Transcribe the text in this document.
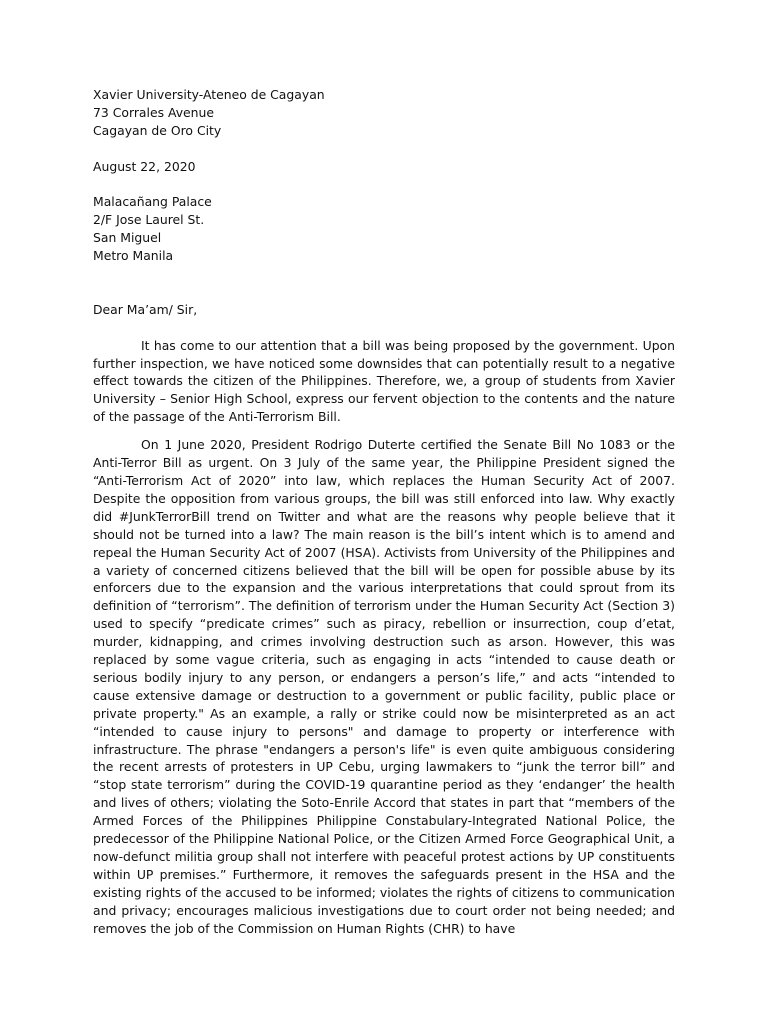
Xavier University-Ateneo de Cagayan
73 Corrales Avenue
Cagayan de Oro City
August 22, 2020
Malacañang Palace
2/F Jose Laurel St.
San Miguel
Metro Manila
Dear Ma’am/ Sir,

It has come to our attention that a bill was being proposed by the government. Upon further inspection, we have noticed some downsides that can potentially result to a negative effect towards the citizen of the Philippines. Therefore, we, a group of students from Xavier University – Senior High School, express our fervent objection to the contents and the nature of the passage of the Anti-Terrorism Bill.

On 1 June 2020, President Rodrigo Duterte certified the Senate Bill No 1083 or the Anti-Terror Bill as urgent. On 3 July of the same year, the Philippine President signed the “Anti-Terrorism Act of 2020” into law, which replaces the Human Security Act of 2007. Despite the opposition from various groups, the bill was still enforced into law. Why exactly did #JunkTerrorBill trend on Twitter and what are the reasons why people believe that it should not be turned into a law? The main reason is the bill’s intent which is to amend and repeal the Human Security Act of 2007 (HSA). Activists from University of the Philippines and a variety of concerned citizens believed that the bill will be open for possible abuse by its enforcers due to the expansion and the various interpretations that could sprout from its definition of “terrorism”. The definition of terrorism under the Human Security Act (Section 3) used to specify “predicate crimes” such as piracy, rebellion or insurrection, coup d’etat, murder, kidnapping, and crimes involving destruction such as arson. However, this was replaced by some vague criteria, such as engaging in acts “intended to cause death or serious bodily injury to any person, or endangers a person’s life,” and acts “intended to cause extensive damage or destruction to a government or public facility, public place or private property." As an example, a rally or strike could now be misinterpreted as an act “intended to cause injury to persons" and damage to property or interference with infrastructure. The phrase "endangers a person's life" is even quite ambiguous considering the recent arrests of protesters in UP Cebu, urging lawmakers to “junk the terror bill” and “stop state terrorism” during the COVID-19 quarantine period as they ‘endanger’ the health and lives of others; violating the Soto-Enrile Accord that states in part that “members of the Armed Forces of the Philippines Philippine Constabulary-Integrated National Police, the predecessor of the Philippine National Police, or the Citizen Armed Force Geographical Unit, a now-defunct militia group shall not interfere with peaceful protest actions by UP constituents within UP premises.” Furthermore, it removes the safeguards present in the HSA and the existing rights of the accused to be informed; violates the rights of citizens to communication and privacy; encourages malicious investigations due to court order not being needed; and removes the job of the Commission on Human Rights (CHR) to have
